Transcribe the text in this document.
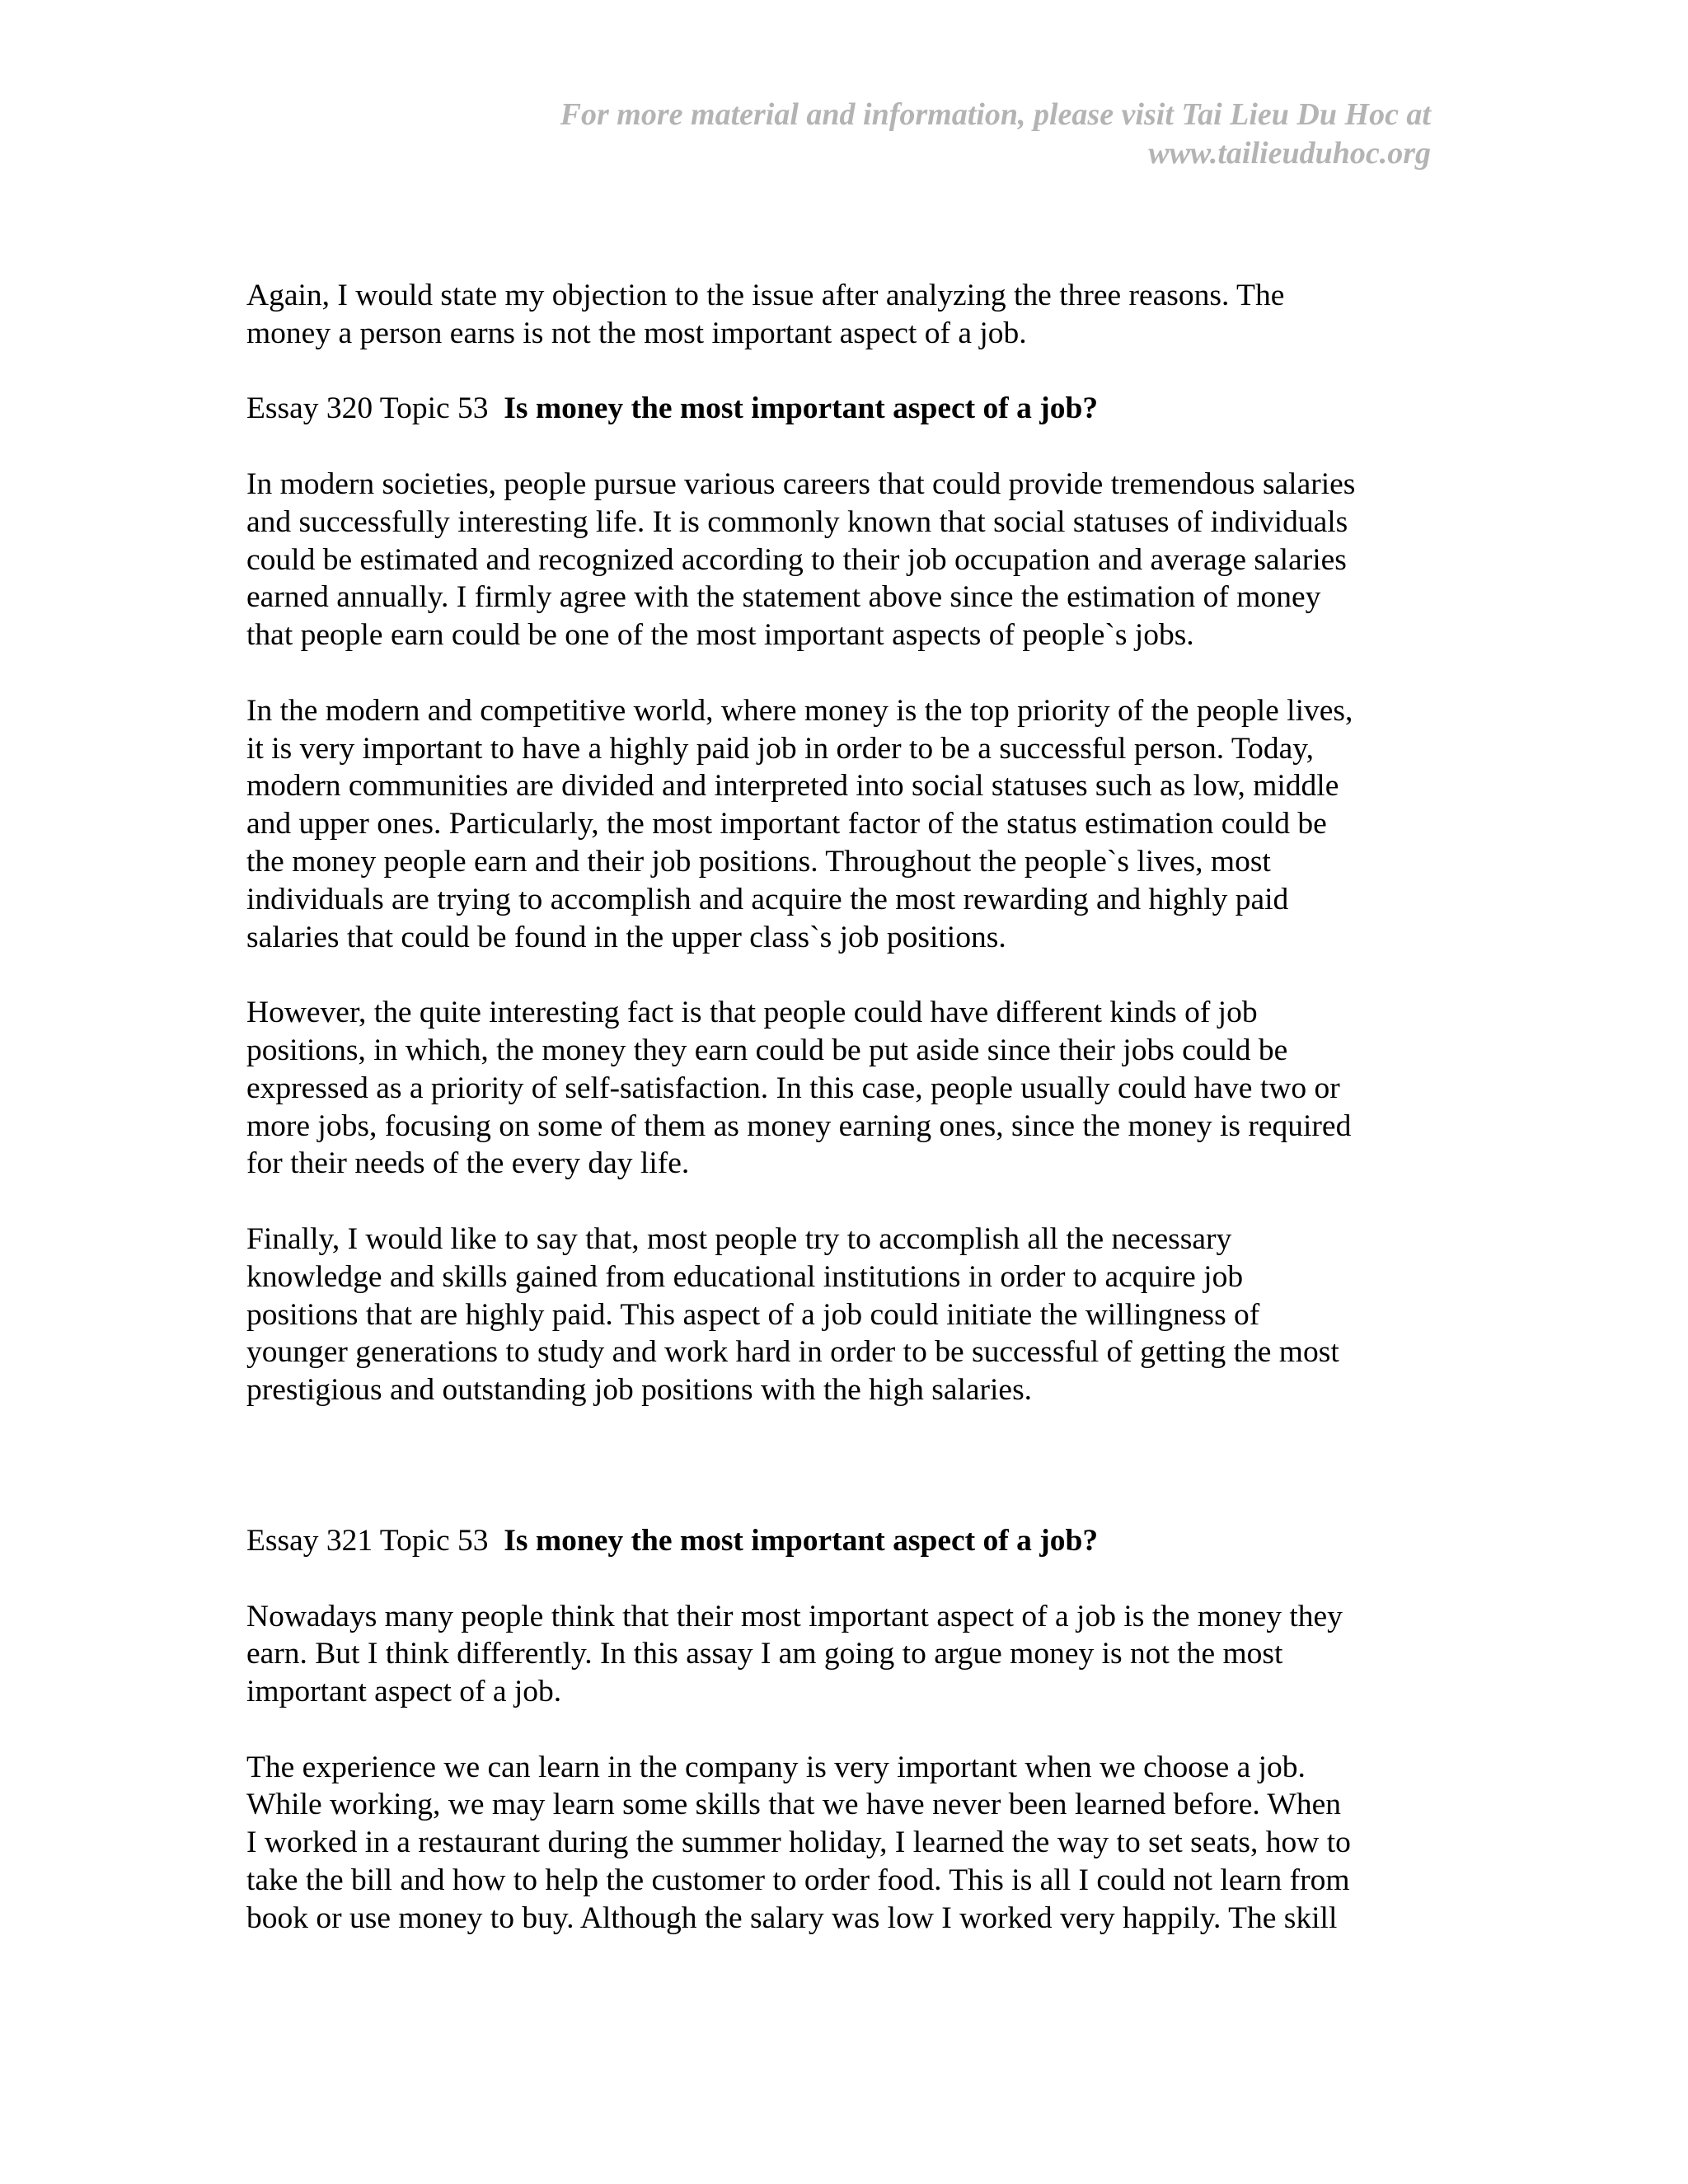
For more material and information, please visit Tai Lieu Du Hoc at
www.tailieuduhoc.org
Again, I would state my objection to the issue after analyzing the three reasons. The
money a person earns is not the most important aspect of a job.
Essay 320 Topic 53 Is money the most important aspect of a job?
In modern societies, people pursue various careers that could provide tremendous salaries
and successfully interesting life. It is commonly known that social statuses of individuals
could be estimated and recognized according to their job occupation and average salaries
earned annually. I firmly agree with the statement above since the estimation of money
that people earn could be one of the most important aspects of people`s jobs.
In the modern and competitive world, where money is the top priority of the people lives,
it is very important to have a highly paid job in order to be a successful person. Today,
modern communities are divided and interpreted into social statuses such as low, middle
and upper ones. Particularly, the most important factor of the status estimation could be
the money people earn and their job positions. Throughout the people`s lives, most
individuals are trying to accomplish and acquire the most rewarding and highly paid
salaries that could be found in the upper class`s job positions.
However, the quite interesting fact is that people could have different kinds of job
positions, in which, the money they earn could be put aside since their jobs could be
expressed as a priority of self-satisfaction. In this case, people usually could have two or
more jobs, focusing on some of them as money earning ones, since the money is required
for their needs of the every day life.
Finally, I would like to say that, most people try to accomplish all the necessary
knowledge and skills gained from educational institutions in order to acquire job
positions that are highly paid. This aspect of a job could initiate the willingness of
younger generations to study and work hard in order to be successful of getting the most
prestigious and outstanding job positions with the high salaries.
Essay 321 Topic 53 Is money the most important aspect of a job?
Nowadays many people think that their most important aspect of a job is the money they
earn. But I think differently. In this assay I am going to argue money is not the most
important aspect of a job.
The experience we can learn in the company is very important when we choose a job.
While working, we may learn some skills that we have never been learned before. When
I worked in a restaurant during the summer holiday, I learned the way to set seats, how to
take the bill and how to help the customer to order food. This is all I could not learn from
book or use money to buy. Although the salary was low I worked very happily. The skill
